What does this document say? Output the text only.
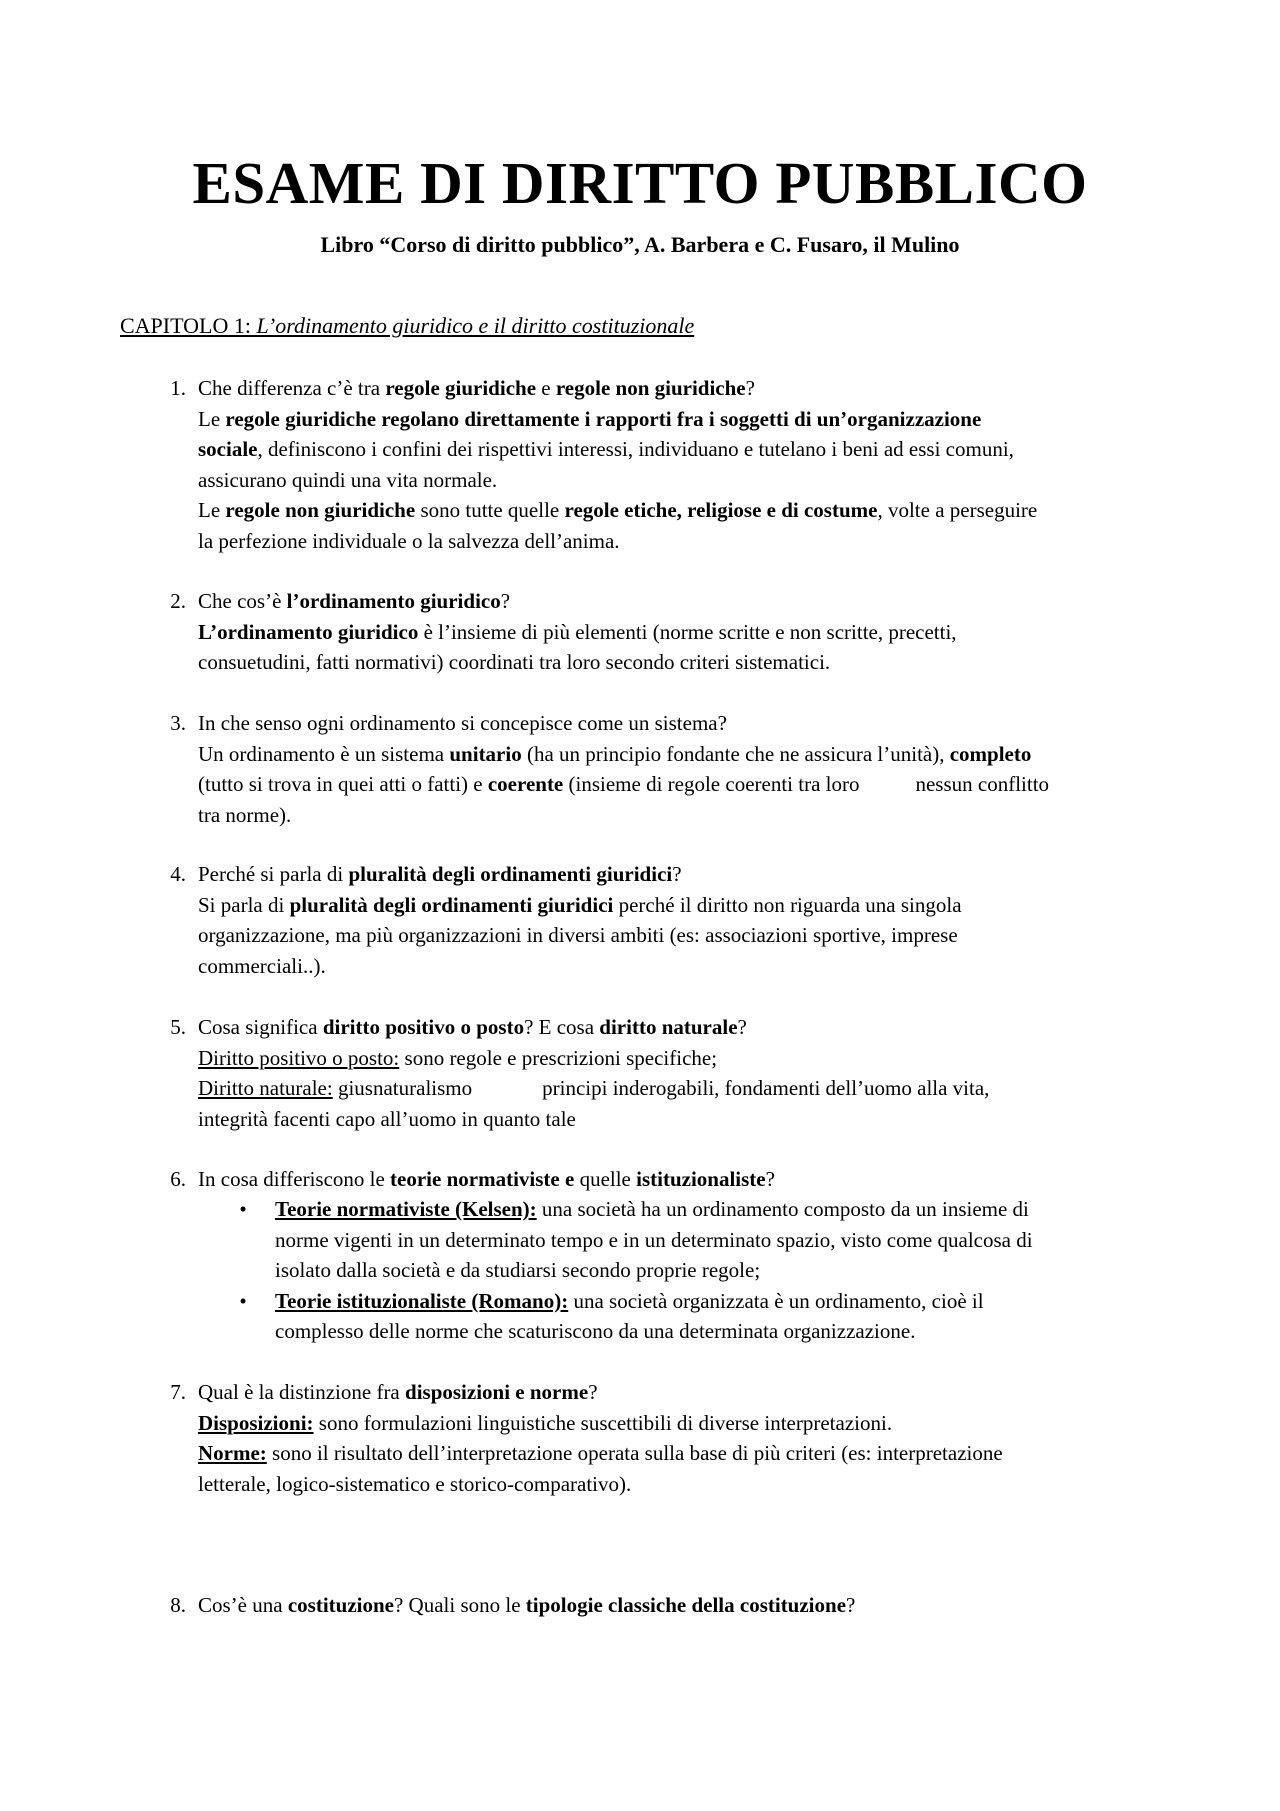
ESAME DI DIRITTO PUBBLICO
Libro “Corso di diritto pubblico”, A. Barbera e C. Fusaro, il Mulino
CAPITOLO 1: L’ordinamento giuridico e il diritto costituzionale
1. Che differenza c’è tra regole giuridiche e regole non giuridiche?
Le regole giuridiche regolano direttamente i rapporti fra i soggetti di un’organizzazione
sociale, definiscono i confini dei rispettivi interessi, individuano e tutelano i beni ad essi comuni,
assicurano quindi una vita normale.
Le regole non giuridiche sono tutte quelle regole etiche, religiose e di costume, volte a perseguire
la perfezione individuale o la salvezza dell’anima.
2. Che cos’è l’ordinamento giuridico?
L’ordinamento giuridico è l’insieme di più elementi (norme scritte e non scritte, precetti,
consuetudini, fatti normativi) coordinati tra loro secondo criteri sistematici.
3. In che senso ogni ordinamento si concepisce come un sistema?
Un ordinamento è un sistema unitario (ha un principio fondante che ne assicura l’unità), completo
(tutto si trova in quei atti o fatti) e coerente (insieme di regole coerenti tra loro	nessun conflitto
tra norme).
4. Perché si parla di pluralità degli ordinamenti giuridici?
Si parla di pluralità degli ordinamenti giuridici perché il diritto non riguarda una singola
organizzazione, ma più organizzazioni in diversi ambiti (es: associazioni sportive, imprese
commerciali..).
5. Cosa significa diritto positivo o posto? E cosa diritto naturale?
Diritto positivo o posto: sono regole e prescrizioni specifiche;
Diritto naturale: giusnaturalismo	principi inderogabili, fondamenti dell’uomo alla vita,
integrità facenti capo all’uomo in quanto tale
6. In cosa differiscono le teorie normativiste e quelle istituzionaliste?
•	Teorie normativiste (Kelsen): una società ha un ordinamento composto da un insieme di
norme vigenti in un determinato tempo e in un determinato spazio, visto come qualcosa di
isolato dalla società e da studiarsi secondo proprie regole;
•	Teorie istituzionaliste (Romano): una società organizzata è un ordinamento, cioè il
complesso delle norme che scaturiscono da una determinata organizzazione.
7. Qual è la distinzione fra disposizioni e norme?
Disposizioni: sono formulazioni linguistiche suscettibili di diverse interpretazioni.
Norme: sono il risultato dell’interpretazione operata sulla base di più criteri (es: interpretazione
letterale, logico-sistematico e storico-comparativo).
8. Cos’è una costituzione? Quali sono le tipologie classiche della costituzione?
